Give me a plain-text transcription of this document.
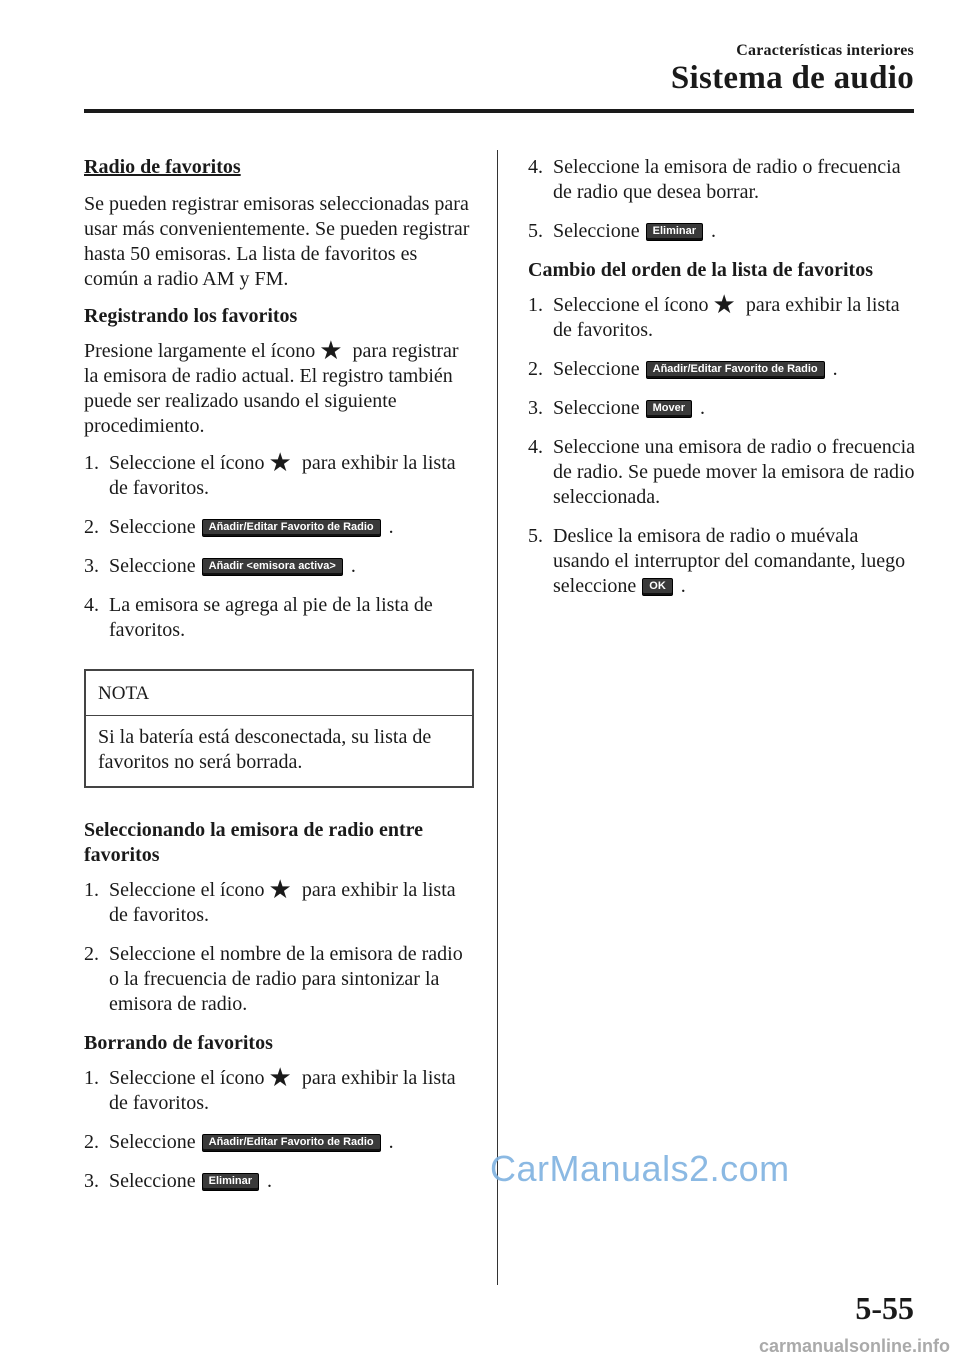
Características interiores
Sistema de audio
Radio de favoritos
Se pueden registrar emisoras seleccionadas para usar más convenientemente. Se pueden registrar hasta 50 emisoras. La lista de favoritos es común a radio AM y FM.
Registrando los favoritos
Presione largamente el ícono ★ para registrar la emisora de radio actual. El registro también puede ser realizado usando el siguiente procedimiento.
1. Seleccione el ícono ★ para exhibir la lista de favoritos.
2. Seleccione Añadir/Editar Favorito de Radio .
3. Seleccione Añadir <emisora activa> .
4. La emisora se agrega al pie de la lista de favoritos.
NOTA
Si la batería está desconectada, su lista de favoritos no será borrada.
Seleccionando la emisora de radio entre favoritos
1. Seleccione el ícono ★ para exhibir la lista de favoritos.
2. Seleccione el nombre de la emisora de radio o la frecuencia de radio para sintonizar la emisora de radio.
Borrando de favoritos
1. Seleccione el ícono ★ para exhibir la lista de favoritos.
2. Seleccione Añadir/Editar Favorito de Radio .
3. Seleccione Eliminar .
4. Seleccione la emisora de radio o frecuencia de radio que desea borrar.
5. Seleccione Eliminar .
Cambio del orden de la lista de favoritos
1. Seleccione el ícono ★ para exhibir la lista de favoritos.
2. Seleccione Añadir/Editar Favorito de Radio .
3. Seleccione Mover .
4. Seleccione una emisora de radio o frecuencia de radio. Se puede mover la emisora de radio seleccionada.
5. Deslice la emisora de radio o muévala usando el interruptor del comandante, luego seleccione OK .
5-55
CarManuals2.com
carmanualsonline.info
